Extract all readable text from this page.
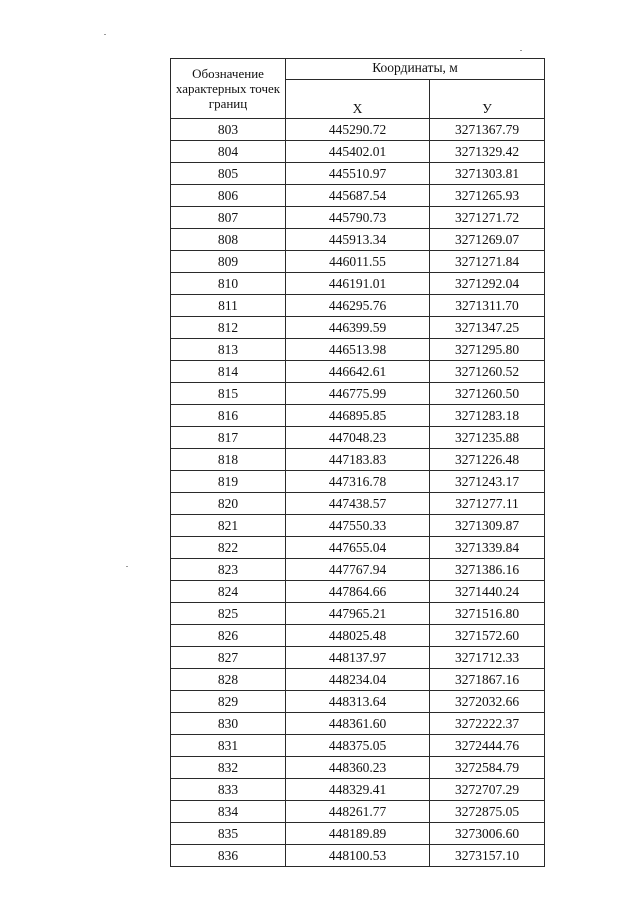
Обозначение характерных точек границ	Координаты, м	
	X	У
803	445290.72	3271367.79
804	445402.01	3271329.42
805	445510.97	3271303.81
806	445687.54	3271265.93
807	445790.73	3271271.72
808	445913.34	3271269.07
809	446011.55	3271271.84
810	446191.01	3271292.04
811	446295.76	3271311.70
812	446399.59	3271347.25
813	446513.98	3271295.80
814	446642.61	3271260.52
815	446775.99	3271260.50
816	446895.85	3271283.18
817	447048.23	3271235.88
818	447183.83	3271226.48
819	447316.78	3271243.17
820	447438.57	3271277.11
821	447550.33	3271309.87
822	447655.04	3271339.84
823	447767.94	3271386.16
824	447864.66	3271440.24
825	447965.21	3271516.80
826	448025.48	3271572.60
827	448137.97	3271712.33
828	448234.04	3271867.16
829	448313.64	3272032.66
830	448361.60	3272222.37
831	448375.05	3272444.76
832	448360.23	3272584.79
833	448329.41	3272707.29
834	448261.77	3272875.05
835	448189.89	3273006.60
836	448100.53	3273157.10
